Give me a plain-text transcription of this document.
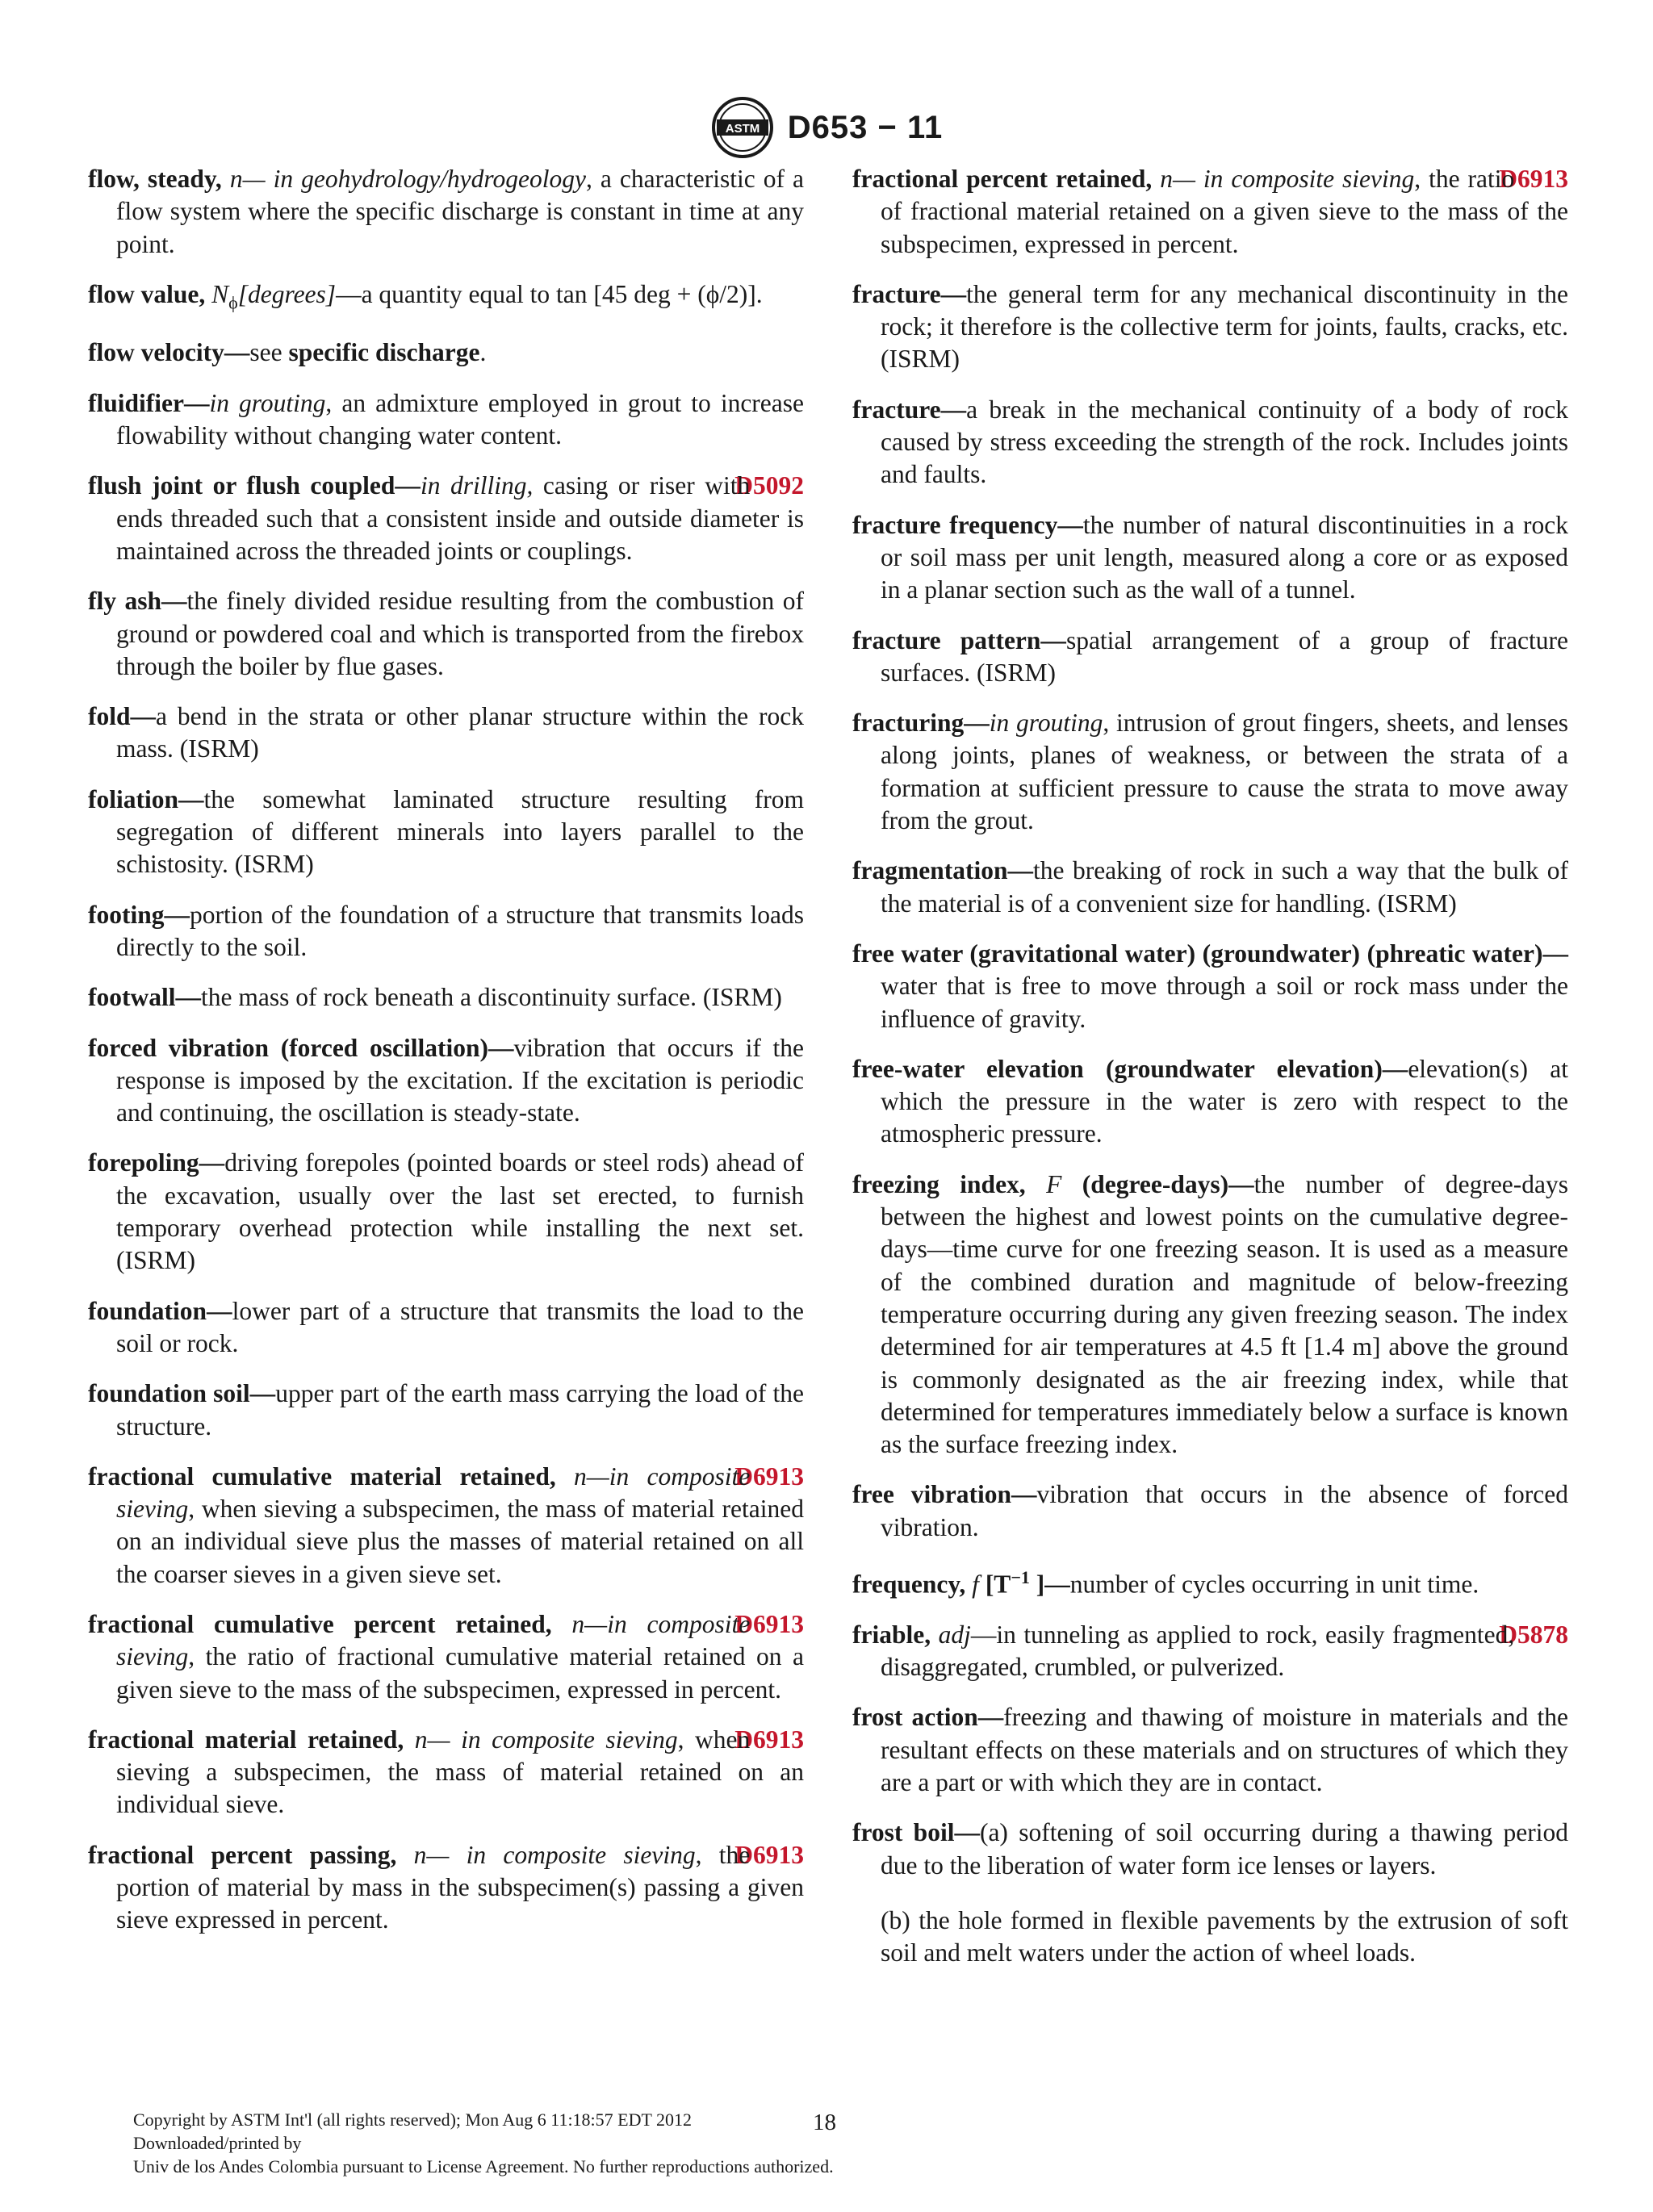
ASTM D653 − 11

flow, steady, n— in geohydrology/hydrogeology, a characteristic of a flow system where the specific discharge is constant in time at any point.

flow value, $N_\phi[degrees]—a$ quantity equal to tan [45 deg + (ϕ/2)].

flow velocity—see specific discharge.

fluidifier—in grouting, an admixture employed in grout to increase flowability without changing water content.

D5092
flush joint or flush coupled—in drilling, casing or riser with ends threaded such that a consistent inside and outside diameter is maintained across the threaded joints or couplings.

fly ash—the finely divided residue resulting from the combustion of ground or powdered coal and which is transported from the firebox through the boiler by flue gases.

fold—a bend in the strata or other planar structure within the rock mass. (ISRM)

foliation—the somewhat laminated structure resulting from segregation of different minerals into layers parallel to the schistosity. (ISRM)

footing—portion of the foundation of a structure that transmits loads directly to the soil.

footwall—the mass of rock beneath a discontinuity surface. (ISRM)

forced vibration (forced oscillation)—vibration that occurs if the response is imposed by the excitation. If the excitation is periodic and continuing, the oscillation is steady-state.

forepoling—driving forepoles (pointed boards or steel rods) ahead of the excavation, usually over the last set erected, to furnish temporary overhead protection while installing the next set. (ISRM)

foundation—lower part of a structure that transmits the load to the soil or rock.

foundation soil—upper part of the earth mass carrying the load of the structure.

D6913
fractional cumulative material retained, n—in composite sieving, when sieving a subspecimen, the mass of material retained on an individual sieve plus the masses of material retained on all the coarser sieves in a given sieve set.

D6913
fractional cumulative percent retained, n—in composite sieving, the ratio of fractional cumulative material retained on a given sieve to the mass of the subspecimen, expressed in percent.

D6913
fractional material retained, n— in composite sieving, when sieving a subspecimen, the mass of material retained on an individual sieve.

D6913
fractional percent passing, n— in composite sieving, the portion of material by mass in the subspecimen(s) passing a given sieve expressed in percent.

D6913
fractional percent retained, n— in composite sieving, the ratio of fractional material retained on a given sieve to the mass of the subspecimen, expressed in percent.

fracture—the general term for any mechanical discontinuity in the rock; it therefore is the collective term for joints, faults, cracks, etc. (ISRM)

fracture—a break in the mechanical continuity of a body of rock caused by stress exceeding the strength of the rock. Includes joints and faults.

fracture frequency—the number of natural discontinuities in a rock or soil mass per unit length, measured along a core or as exposed in a planar section such as the wall of a tunnel.

fracture pattern—spatial arrangement of a group of fracture surfaces. (ISRM)

fracturing—in grouting, intrusion of grout fingers, sheets, and lenses along joints, planes of weakness, or between the strata of a formation at sufficient pressure to cause the strata to move away from the grout.

fragmentation—the breaking of rock in such a way that the bulk of the material is of a convenient size for handling. (ISRM)

free water (gravitational water) (groundwater) (phreatic water)—water that is free to move through a soil or rock mass under the influence of gravity.

free-water elevation (groundwater elevation)—elevation(s) at which the pressure in the water is zero with respect to the atmospheric pressure.

freezing index, F (degree-days)—the number of degree-days between the highest and lowest points on the cumulative degree-days—time curve for one freezing season. It is used as a measure of the combined duration and magnitude of below-freezing temperature occurring during any given freezing season. The index determined for air temperatures at 4.5 ft [1.4 m] above the ground is commonly designated as the air freezing index, while that determined for temperatures immediately below a surface is known as the surface freezing index.

free vibration—vibration that occurs in the absence of forced vibration.

frequency, f [$T^{-1}$ ]—number of cycles occurring in unit time.

D5878
friable, adj—in tunneling as applied to rock, easily fragmented, disaggregated, crumbled, or pulverized.

frost action—freezing and thawing of moisture in materials and the resultant effects on these materials and on structures of which they are a part or with which they are in contact.

frost boil—(a) softening of soil occurring during a thawing period due to the liberation of water form ice lenses or layers.

(b) the hole formed in flexible pavements by the extrusion of soft soil and melt waters under the action of wheel loads.

Copyright by ASTM Int'l (all rights reserved); Mon Aug 6 11:18:57 EDT 2012
Downloaded/printed by
Univ de los Andes Colombia pursuant to License Agreement. No further reproductions authorized.
18
